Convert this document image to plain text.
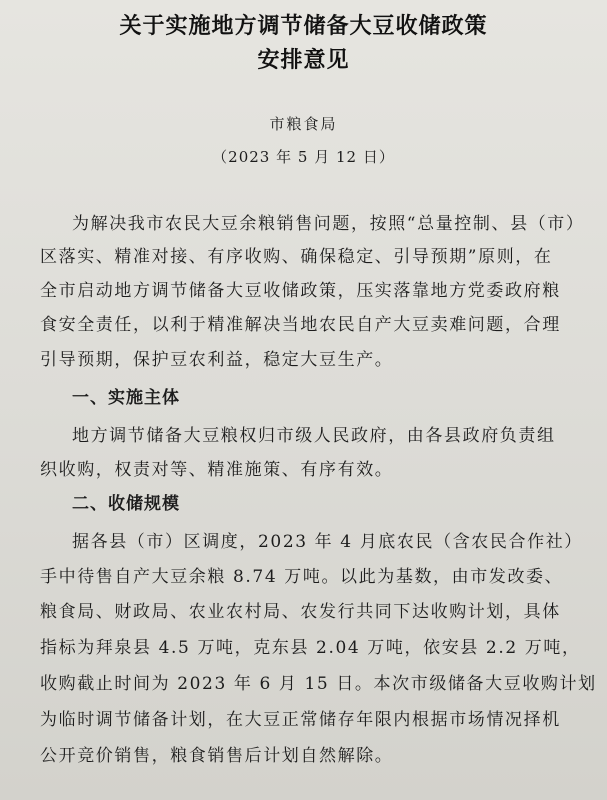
关于实施地方调节储备大豆收储政策
安排意见
市粮食局
（2023 年 5 月 12 日）
为解决我市农民大豆余粮销售问题，按照“总量控制、县（市）
区落实、精准对接、有序收购、确保稳定、引导预期”原则，在
全市启动地方调节储备大豆收储政策，压实落靠地方党委政府粮
食安全责任，以利于精准解决当地农民自产大豆卖难问题，合理
引导预期，保护豆农利益，稳定大豆生产。
一、实施主体
地方调节储备大豆粮权归市级人民政府，由各县政府负责组
织收购，权责对等、精准施策、有序有效。
二、收储规模
据各县（市）区调度，2023 年 4 月底农民（含农民合作社）
手中待售自产大豆余粮 8.74 万吨。以此为基数，由市发改委、
粮食局、财政局、农业农村局、农发行共同下达收购计划，具体
指标为拜泉县 4.5 万吨，克东县 2.04 万吨，依安县 2.2 万吨，
收购截止时间为 2023 年 6 月 15 日。本次市级储备大豆收购计划
为临时调节储备计划，在大豆正常储存年限内根据市场情况择机
公开竞价销售，粮食销售后计划自然解除。
